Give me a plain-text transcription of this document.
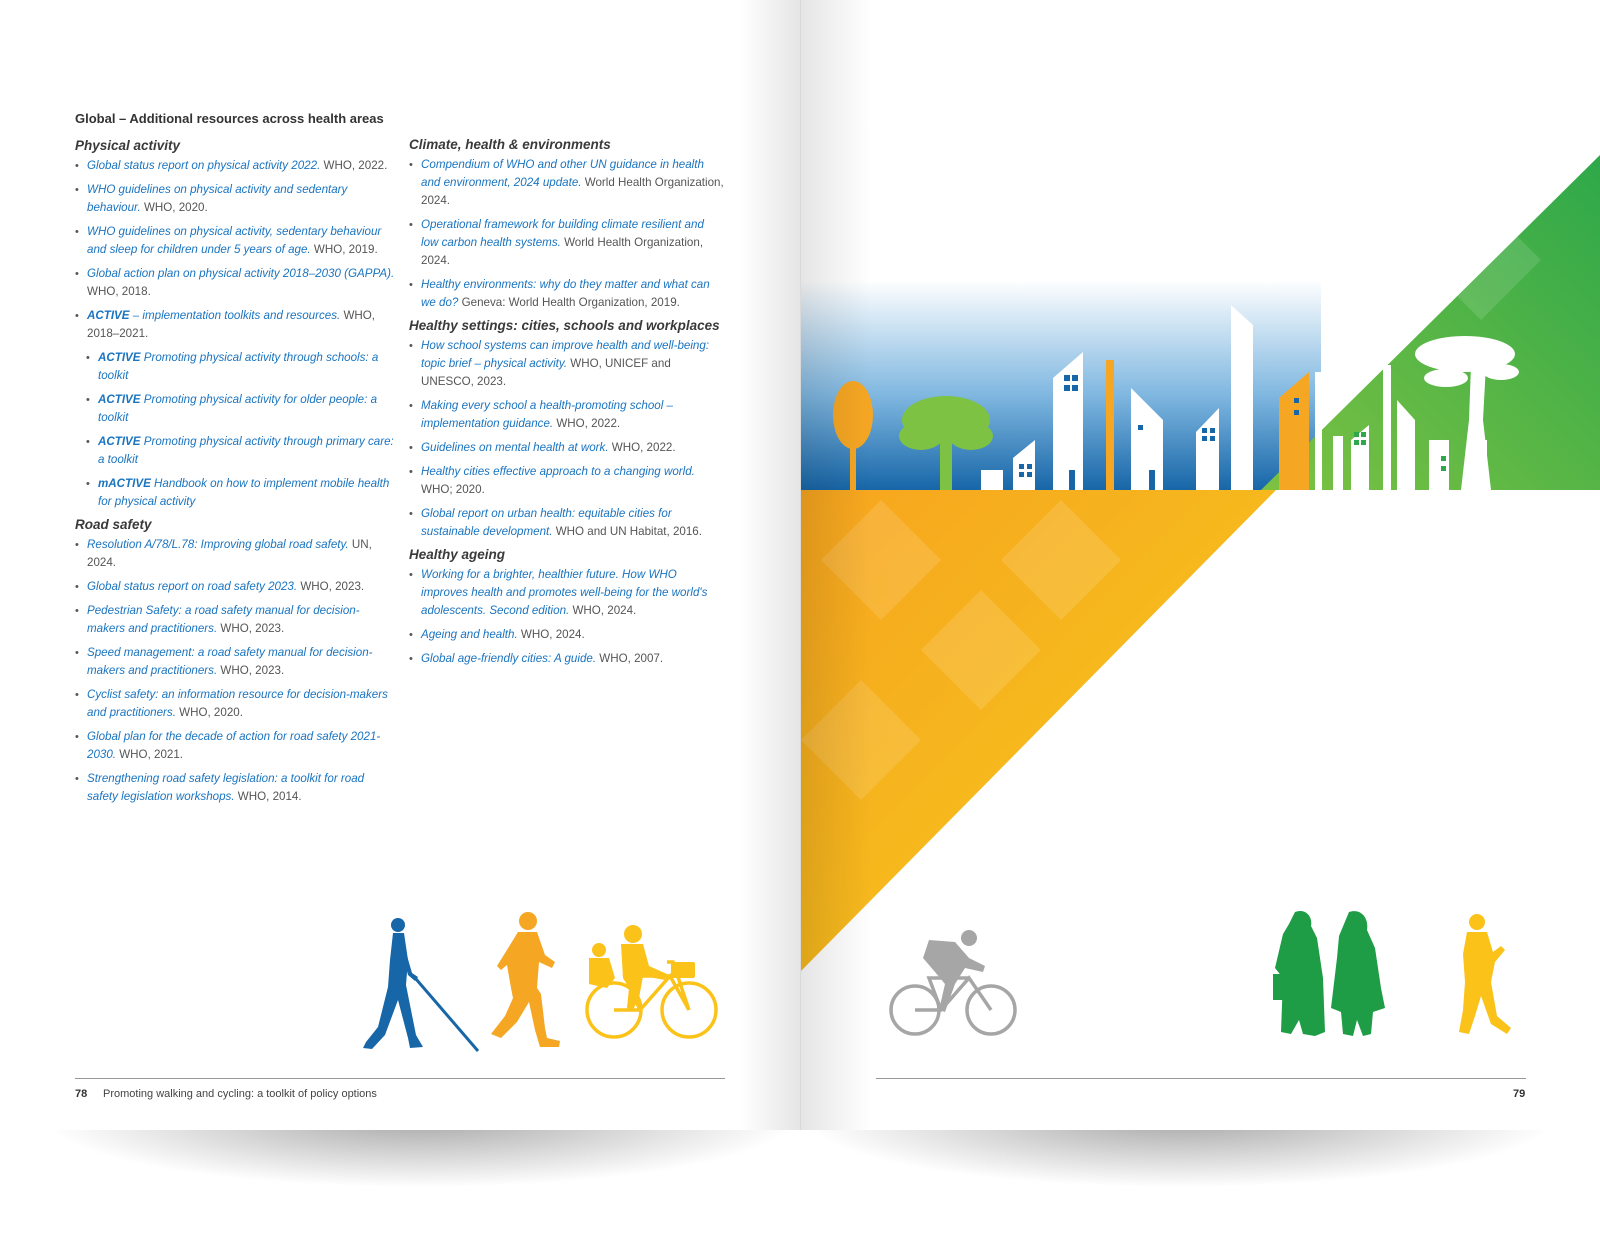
Global – Additional resources across health areas
Physical activity
• Global status report on physical activity 2022. WHO, 2022.
• WHO guidelines on physical activity and sedentary behaviour. WHO, 2020.
• WHO guidelines on physical activity, sedentary behaviour and sleep for children under 5 years of age. WHO, 2019.
• Global action plan on physical activity 2018–2030 (GAPPA). WHO, 2018.
• ACTIVE – implementation toolkits and resources. WHO, 2018–2021.
• ACTIVE Promoting physical activity through schools: a toolkit
• ACTIVE Promoting physical activity for older people: a toolkit
• ACTIVE Promoting physical activity through primary care: a toolkit
• mACTIVE Handbook on how to implement mobile health for physical activity
Road safety
• Resolution A/78/L.78: Improving global road safety. UN, 2024.
• Global status report on road safety 2023. WHO, 2023.
• Pedestrian Safety: a road safety manual for decision-makers and practitioners. WHO, 2023.
• Speed management: a road safety manual for decision-makers and practitioners. WHO, 2023.
• Cyclist safety: an information resource for decision-makers and practitioners. WHO, 2020.
• Global plan for the decade of action for road safety 2021-2030. WHO, 2021.
• Strengthening road safety legislation: a toolkit for road safety legislation workshops. WHO, 2014.
Climate, health & environments
• Compendium of WHO and other UN guidance in health and environment, 2024 update. World Health Organization, 2024.
• Operational framework for building climate resilient and low carbon health systems. World Health Organization, 2024.
• Healthy environments: why do they matter and what can we do? Geneva: World Health Organization, 2019.
Healthy settings: cities, schools and workplaces
• How school systems can improve health and well-being: topic brief – physical activity. WHO, UNICEF and UNESCO, 2023.
• Making every school a health-promoting school – implementation guidance. WHO, 2022.
• Guidelines on mental health at work. WHO, 2022.
• Healthy cities effective approach to a changing world. WHO; 2020.
• Global report on urban health: equitable cities for sustainable development. WHO and UN Habitat, 2016.
Healthy ageing
• Working for a brighter, healthier future. How WHO improves health and promotes well-being for the world's adolescents. Second edition. WHO, 2024.
• Ageing and health. WHO, 2024.
• Global age-friendly cities: A guide. WHO, 2007.
78 Promoting walking and cycling: a toolkit of policy options	79
